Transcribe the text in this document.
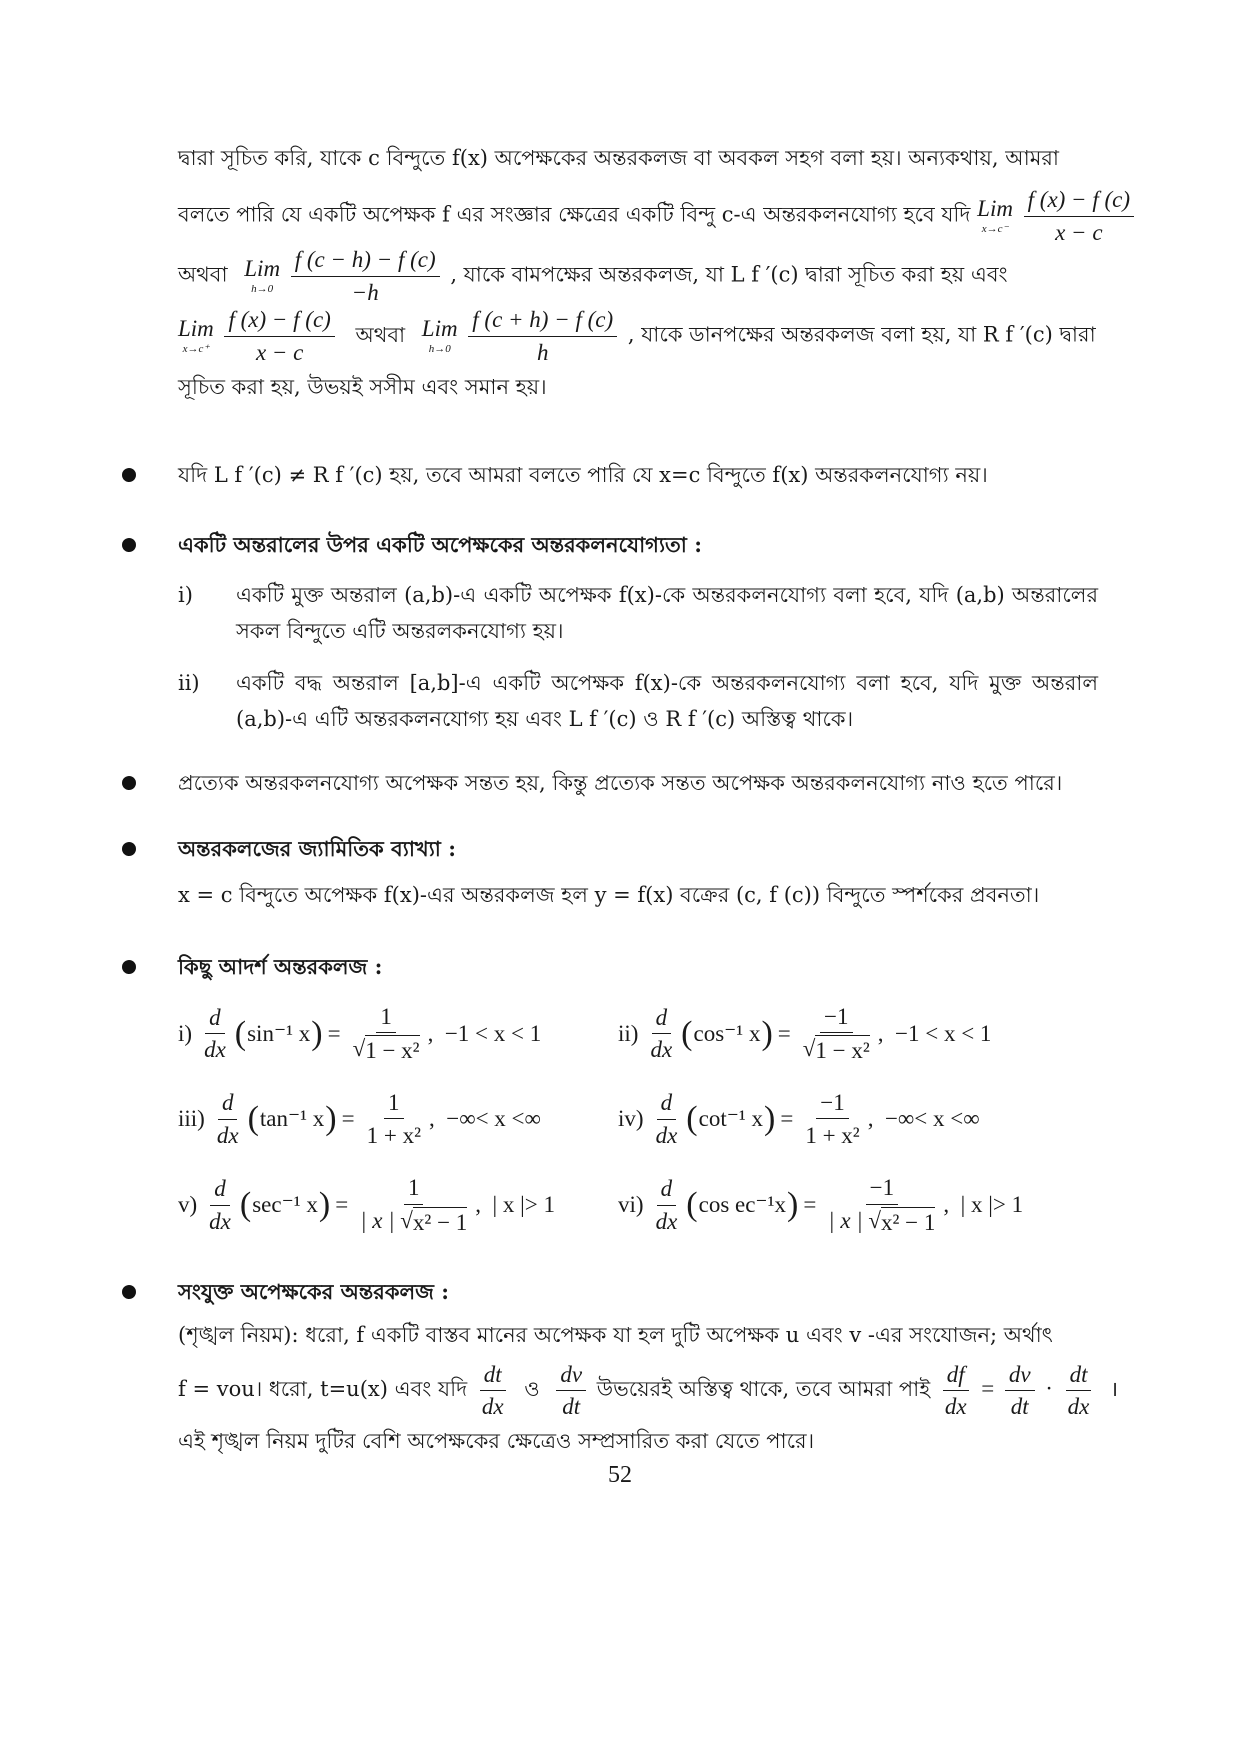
দ্বারা সূচিত করি, যাকে c বিন্দুতে f(x) অপেক্ষকের অন্তরকলজ বা অবকল সহগ বলা হয়। অন্যকথায়, আমরা
বলতে পারি যে একটি অপেক্ষক f এর সংজ্ঞার ক্ষেত্রের একটি বিন্দু c-এ অন্তরকলনযোগ্য হবে যদি Lim
x→c⁻
$\frac{f (x) - f (c)}{x - c}$
অথবা Lim
h→0
$\frac{f (c - h) - f (c)}{-h}$ , যাকে বামপক্ষের অন্তরকলজ, যা L f ′(c) দ্বারা সূচিত করা হয় এবং
Lim
x→c⁺
$\frac{f (x) - f (c)}{x - c}$ অথবা Lim
h→0
$\frac{f (c + h) - f (c)}{h}$ , যাকে ডানপক্ষের অন্তরকলজ বলা হয়, যা R f ′(c) দ্বারা
সূচিত করা হয়, উভয়ই সসীম এবং সমান হয়।
যদি L f ′(c) ≠ R f ′(c) হয়, তবে আমরা বলতে পারি যে x=c বিন্দুতে f(x) অন্তরকলনযোগ্য নয়।
একটি অন্তরালের উপর একটি অপেক্ষকের অন্তরকলনযোগ্যতা :
i) একটি মুক্ত অন্তরাল (a,b)-এ একটি অপেক্ষক f(x)-কে অন্তরকলনযোগ্য বলা হবে, যদি (a,b) অন্তরালের সকল বিন্দুতে এটি অন্তরলকনযোগ্য হয়।
ii) একটি বদ্ধ অন্তরাল [a,b]-এ একটি অপেক্ষক f(x)-কে অন্তরকলনযোগ্য বলা হবে, যদি মুক্ত অন্তরাল (a,b)-এ এটি অন্তরকলনযোগ্য হয় এবং L f ′(c) ও R f ′(c) অস্তিত্ব থাকে।
প্রত্যেক অন্তরকলনযোগ্য অপেক্ষক সন্তত হয়, কিন্তু প্রত্যেক সন্তত অপেক্ষক অন্তরকলনযোগ্য নাও হতে পারে।
অন্তরকলজের জ্যামিতিক ব্যাখ্যা :
x = c বিন্দুতে অপেক্ষক f(x)-এর অন্তরকলজ হল y = f(x) বক্রের (c, f (c)) বিন্দুতে স্পর্শকের প্রবনতা।
কিছু আদর্শ অন্তরকলজ :
$i) \frac{d}{dx}$ ( sin⁻¹ x ) = $\frac{1}{\text{√ 1 − x²}}$ ,  −1 < x < 1	$ii) \frac{d}{dx}$ ( cos⁻¹ x ) = $\frac{-1}{\text{√ 1 − x²}}$ ,  −1 < x < 1
$iii) \frac{d}{dx}$ ( tan⁻¹ x ) = $\frac{1}{\text{1 + x²}}$ ,  −∞< x <∞	$iv) \frac{d}{dx}$ ( cot⁻¹ x ) = $\frac{-1}{\text{1 + x²}}$ ,  −∞< x <∞
$v) \frac{d}{dx}$ ( sec⁻¹ x ) = $\frac{1}{\text{| x | √ x² − 1}}$ ,  | x |> 1	$vi) \frac{d}{dx}$ ( cos ec⁻¹x ) = $\frac{-1}{\text{| x | √ x² − 1}}$ ,  | x |> 1
সংযুক্ত অপেক্ষকের অন্তরকলজ :
(শৃঙ্খল নিয়ম): ধরো, f একটি বাস্তব মানের অপেক্ষক যা হল দুটি অপেক্ষক u এবং v -এর সংযোজন; অর্থাৎ
f = vou। ধরো, t=u(x) এবং যদি $\frac{dt}{dx}$ ও $\frac{dv}{dt}$ উভয়েরই অস্তিত্ব থাকে, তবে আমরা পাই $\frac{df}{dx} = \frac{dv}{dt} \cdot \frac{dt}{dx}$ ।
এই শৃঙ্খল নিয়ম দুটির বেশি অপেক্ষকের ক্ষেত্রেও সম্প্রসারিত করা যেতে পারে।
52
